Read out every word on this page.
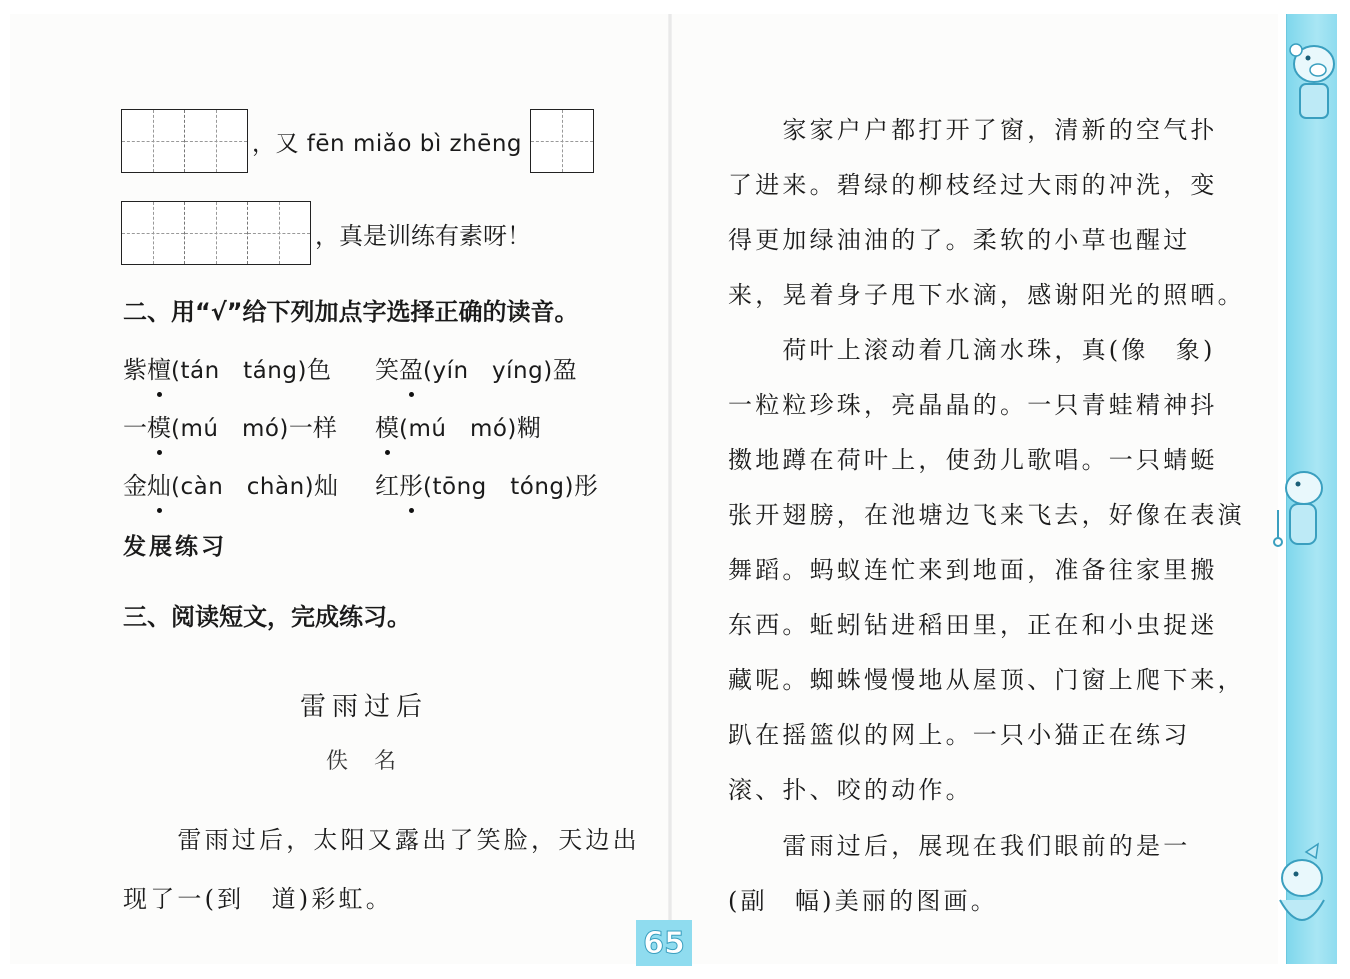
，又 fēn miǎo bì zhēng
，真是训练有素呀！
二、用“√”给下列加点字选择正确的读音。
紫檀(tán　táng)色 笑盈(yín　yíng)盈
一模(mú　mó)一样 模(mú　mó)糊
金灿(càn　chàn)灿 红彤(tōng　tóng)彤
发展练习
三、阅读短文，完成练习。
雷雨过后
佚名
　　雷雨过后，太阳又露出了笑脸，天边出
现了一(到　道)彩虹。
　　家家户户都打开了窗，清新的空气扑
了进来。碧绿的柳枝经过大雨的冲洗，变
得更加绿油油的了。柔软的小草也醒过
来，晃着身子甩下水滴，感谢阳光的照晒。
　　荷叶上滚动着几滴水珠，真(像　象)
一粒粒珍珠，亮晶晶的。一只青蛙精神抖
擞地蹲在荷叶上，使劲儿歌唱。一只蜻蜓
张开翅膀，在池塘边飞来飞去，好像在表演
舞蹈。蚂蚁连忙来到地面，准备往家里搬
东西。蚯蚓钻进稻田里，正在和小虫捉迷
藏呢。蜘蛛慢慢地从屋顶、门窗上爬下来，
趴在摇篮似的网上。一只小猫正在练习
滚、扑、咬的动作。
　　雷雨过后，展现在我们眼前的是一
(副　幅)美丽的图画。
65
